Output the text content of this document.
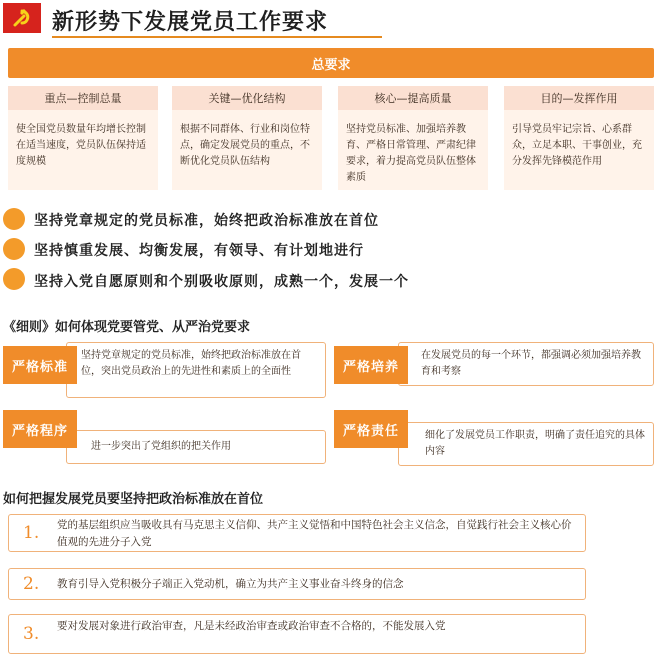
新形势下发展党员工作要求
总要求
重点—控制总量
使全国党员数量年均增长控制在适当速度，党员队伍保持适度规模
关键—优化结构
根据不同群体、行业和岗位特点，确定发展党员的重点，不断优化党员队伍结构
核心—提高质量
坚持党员标准、加强培养教育、严格日常管理、严肃纪律要求，着力提高党员队伍整体素质
目的—发挥作用
引导党员牢记宗旨、心系群众，立足本职、干事创业，充分发挥先锋模范作用
坚持党章规定的党员标准，始终把政治标准放在首位
坚持慎重发展、均衡发展，有领导、有计划地进行
坚持入党自愿原则和个别吸收原则，成熟一个，发展一个
《细则》如何体现党要管党、从严治党要求
坚持党章规定的党员标准，始终把政治标准放在首位，突出党员政治上的先进性和素质上的全面性
严格标准
在发展党员的每一个环节，都强调必须加强培养教育和考察
严格培养
进一步突出了党组织的把关作用
严格程序	细化了发展党员工作职责，明确了责任追究的具体内容
严格责任
如何把握发展党员要坚持把政治标准放在首位
1. 党的基层组织应当吸收具有马克思主义信仰、共产主义觉悟和中国特色社会主义信念，自觉践行社会主义核心价值观的先进分子入党
2. 教育引导入党积极分子端正入党动机，确立为共产主义事业奋斗终身的信念
3. 要对发展对象进行政治审查，凡是未经政治审查或政治审查不合格的，不能发展入党
